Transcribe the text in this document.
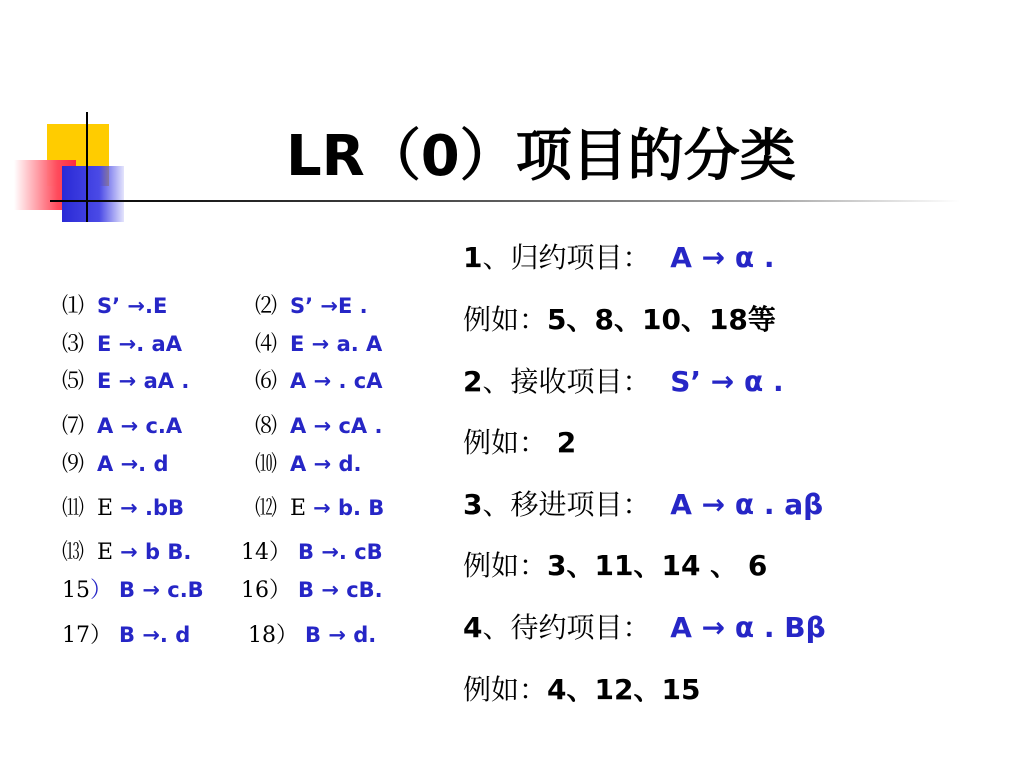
LR（0）项目的分类
⑴ S’ →.E	⑵ S’ →E .
⑶ E →. aA	⑷ E → a. A
⑸ E → aA .	⑹ A → . cA
⑺ A → c.A	⑻ A → cA .
⑼ A →. d	⑽ A → d.
⑾ E → .bB	⑿ E → b. B
⒀ E → b B. 14） B →. cB
15） B → c.B 16） B → cB.
17） B →. d	18） B → d.
1、归约项目： A → α .
例如：5、8、10、18等
2、接收项目： S’ → α .
例如： 2
3、移进项目： A → α . aβ
例如：3、11、14 、 6
4、待约项目： A → α . Bβ
例如：4、12、15
